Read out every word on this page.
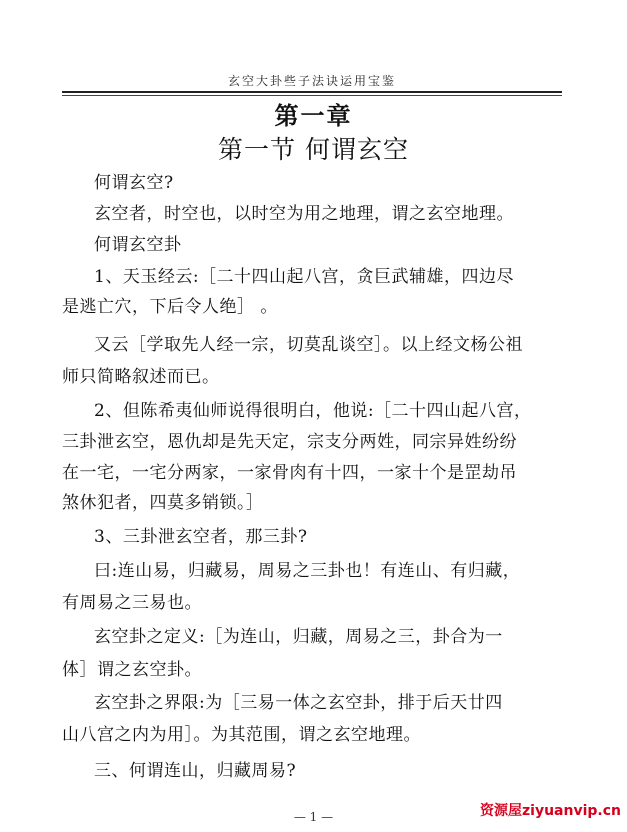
玄空大卦些子法诀运用宝鉴
第一章
第一节 何谓玄空
何谓玄空?
玄空者，时空也，以时空为用之地理，谓之玄空地理。
何谓玄空卦
1、天玉经云:［二十四山起八宫，贪巨武辅雄，四边尽
是逃亡穴，下后令人绝］ 。
又云［学取先人经一宗，切莫乱谈空］。以上经文杨公祖
师只简略叙述而已。
2、但陈希夷仙师说得很明白，他说:［二十四山起八宫，
三卦泄玄空，恩仇却是先天定，宗支分两姓，同宗异姓纷纷
在一宅，一宅分两家，一家骨肉有十四，一家十个是罡劫吊
煞休犯者，四莫多销锁。］
3、三卦泄玄空者，那三卦?
曰:连山易，归藏易，周易之三卦也！有连山、有归藏，
有周易之三易也。
玄空卦之定义:［为连山，归藏，周易之三，卦合为一
体］谓之玄空卦。
玄空卦之界限:为［三易一体之玄空卦，排于后天廿四
山八宫之内为用］。为其范围，谓之玄空地理。
三、何谓连山，归藏周易?
— 1 —	资源屋ziyuanvip.cn
